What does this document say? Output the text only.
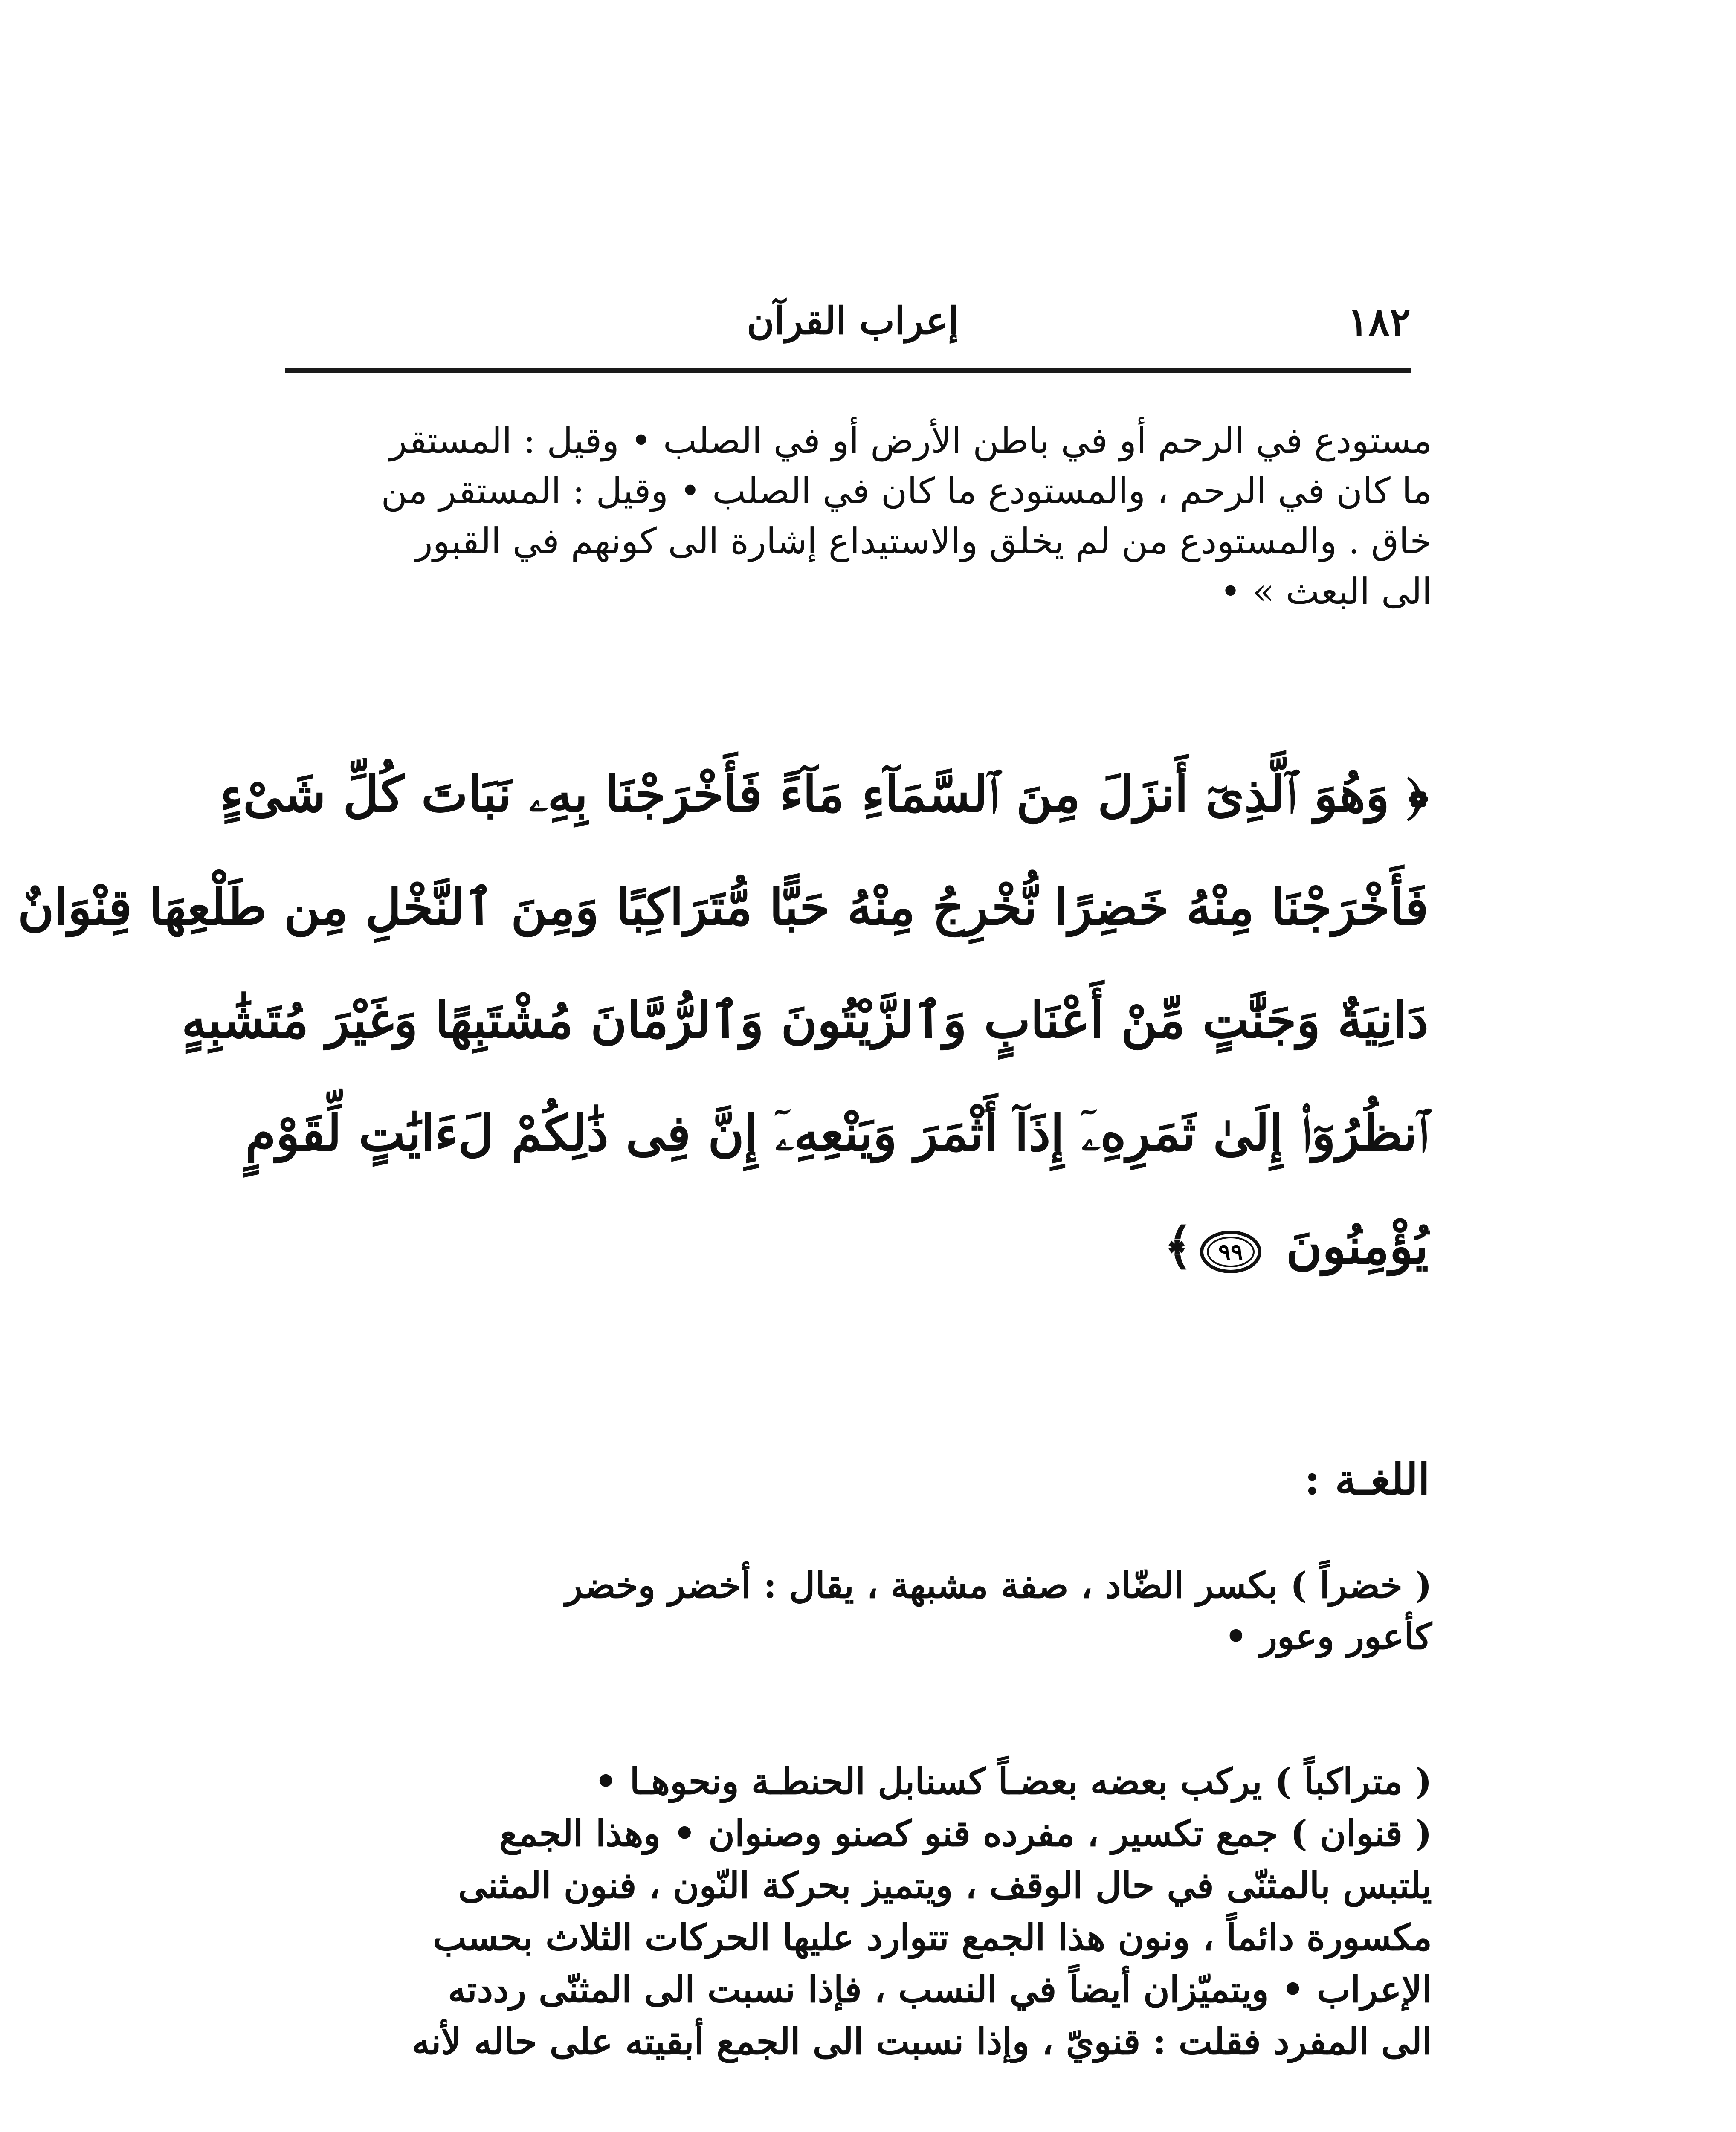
١٨٢
إعراب القرآن
مستودع في الرحم أو في باطن الأرض أو في الصلب • وقيل : المستقر
ما كان في الرحم ، والمستودع ما كان في الصلب • وقيل : المستقر من
خاق . والمستودع من لم يخلق والاستيداع إشارة الى كونهم في القبور
الى البعث » •
﴿ وَهُوَ ٱلَّذِىٓ أَنزَلَ مِنَ ٱلسَّمَآءِ مَآءً فَأَخْرَجْنَا بِهِۦ نَبَاتَ كُلِّ شَىْءٍ
فَأَخْرَجْنَا مِنْهُ خَضِرًا نُّخْرِجُ مِنْهُ حَبًّا مُّتَرَاكِبًا وَمِنَ ٱلنَّخْلِ مِن طَلْعِهَا قِنْوَانٌ
دَانِيَةٌ وَجَنَّٰتٍ مِّنْ أَعْنَابٍ وَٱلزَّيْتُونَ وَٱلرُّمَّانَ مُشْتَبِهًا وَغَيْرَ مُتَشَٰبِهٍ
ٱنظُرُوٓا۟ إِلَىٰ ثَمَرِهِۦٓ إِذَآ أَثْمَرَ وَيَنْعِهِۦٓ إِنَّ فِى ذَٰلِكُمْ لَءَايَٰتٍ لِّقَوْمٍ
يُؤْمِنُونَ
٩٩
﴾
اللغـة :
( خضراً ) بكسر الضّاد ، صفة مشبهة ، يقال : أخضر وخضر
كأعور وعور •
( متراكباً ) يركب بعضه بعضـاً كسنابل الحنطـة ونحوهـا •
( قنوان ) جمع تكسير ، مفرده قنو كصنو وصنوان • وهذا الجمع
يلتبس بالمثنّى في حال الوقف ، ويتميز بحركة النّون ، فنون المثنى
مكسورة دائماً ، ونون هذا الجمع تتوارد عليها الحركات الثلاث بحسب
الإعراب • ويتميّزان أيضاً في النسب ، فإذا نسبت الى المثنّى رددته
الى المفرد فقلت : قنويّ ، وإذا نسبت الى الجمع أبقيته على حاله لأنه
